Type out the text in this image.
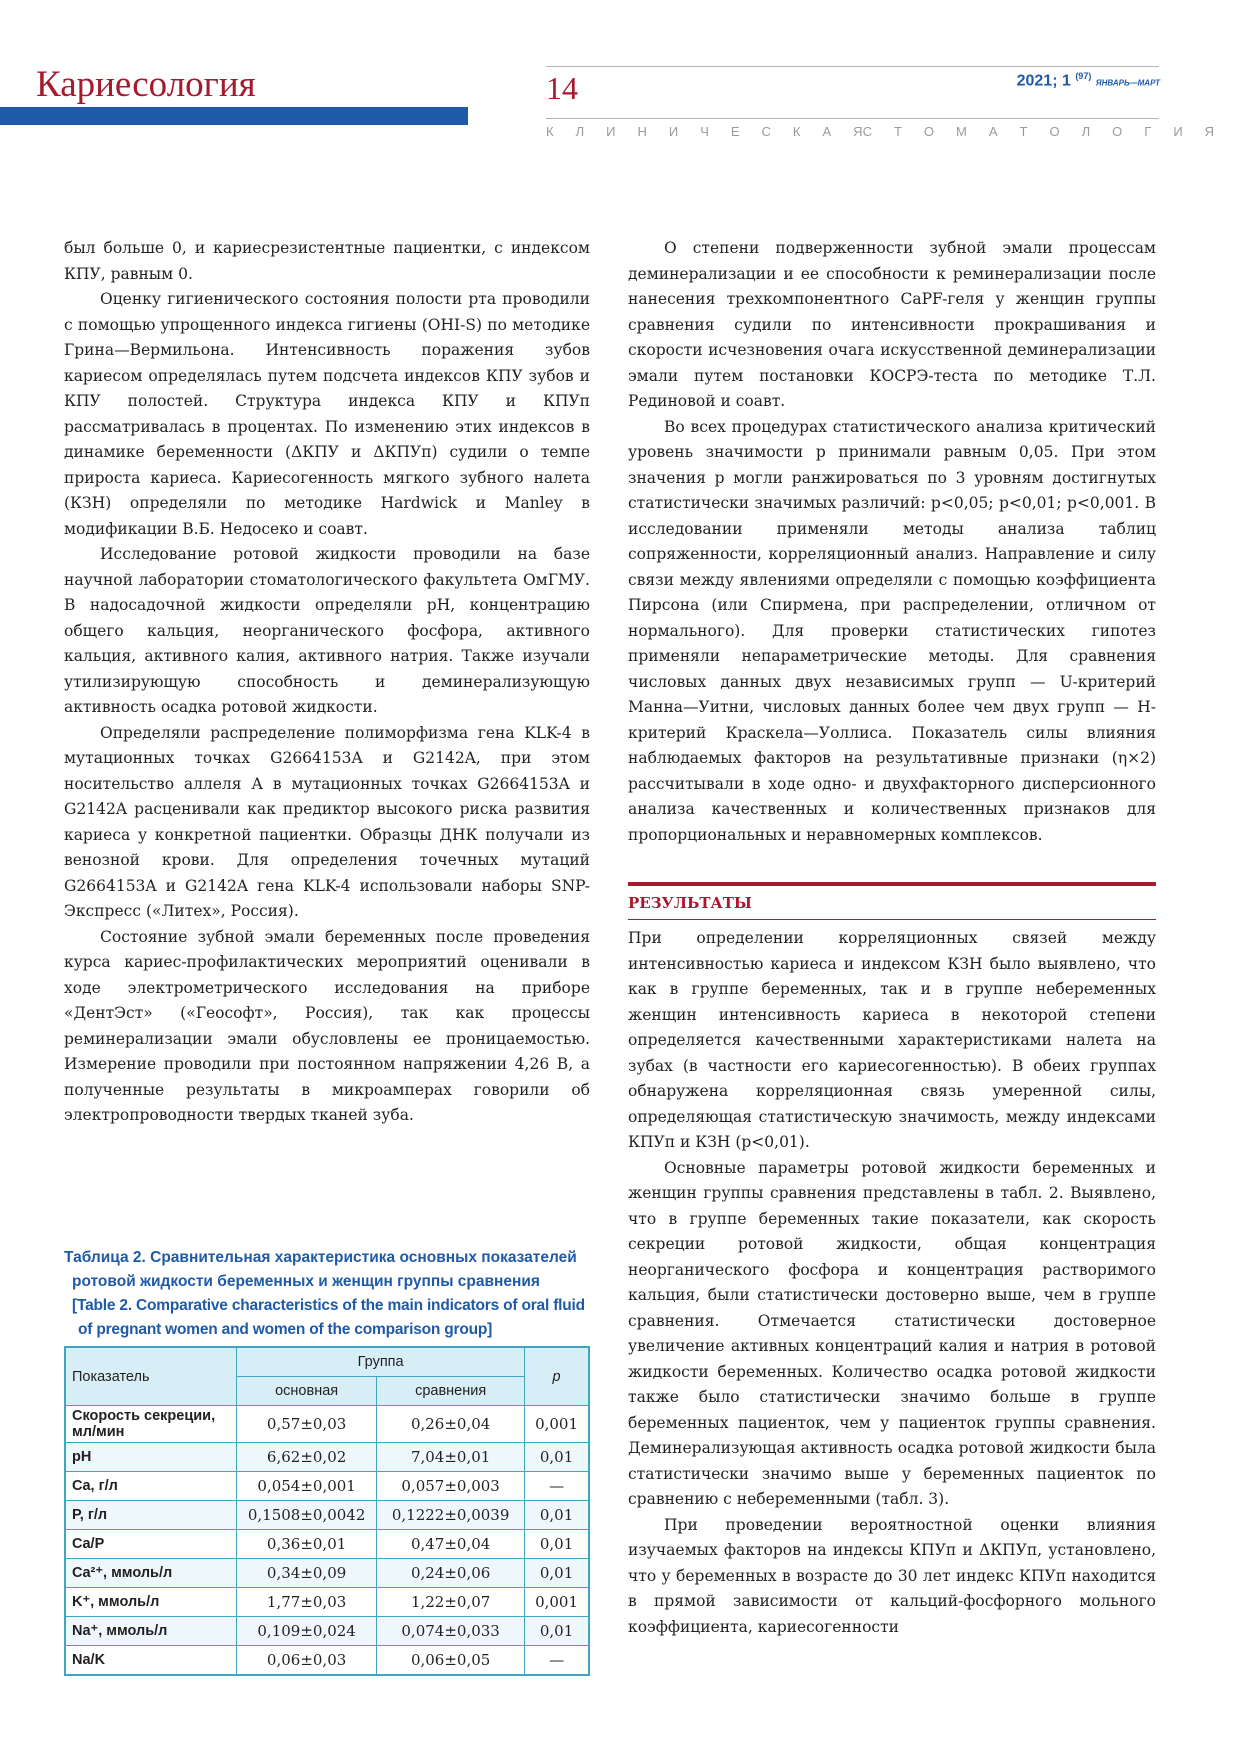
Кариесология	14	2021; 1 $^{(97)}$ ЯНВАРЬ—МАРТ
К Л И Н И Ч Е С К А Я С Т О М А Т О Л О Г И Я

был больше 0, и кариесрезистентные пациентки, с индексом КПУ, равным 0.

Оценку гигиенического состояния полости рта проводили с помощью упрощенного индекса гигиены (OHI-S) по методике Грина—Вермильона. Интенсивность поражения зубов кариесом определялась путем подсчета индексов КПУ зубов и КПУ полостей. Структура индекса КПУ и КПУп рассматривалась в процентах. По изменению этих индексов в динамике беременности (ΔКПУ и ΔКПУп) судили о темпе прироста кариеса. Кариесогенность мягкого зубного налета (КЗН) определяли по методике Hardwick и Manley в модификации В.Б. Недосеко и соавт.

Исследование ротовой жидкости проводили на базе научной лаборатории стоматологического факультета ОмГМУ. В надосадочной жидкости определяли рН, концентрацию общего кальция, неорганического фосфора, активного кальция, активного калия, активного натрия. Также изучали утилизирующую способность и деминерализующую активность осадка ротовой жидкости.

Определяли распределение полиморфизма гена KLK-4 в мутационных точках G2664153A и G2142A, при этом носительство аллеля А в мутационных точках G2664153A и G2142A расценивали как предиктор высокого риска развития кариеса у конкретной пациентки. Образцы ДНК получали из венозной крови. Для определения точечных мутаций G2664153A и G2142A гена KLK-4 использовали наборы SNP-Экспресс («Литех», Россия).

Состояние зубной эмали беременных после проведения курса кариес-профилактических мероприятий оценивали в ходе электрометрического исследования на приборе «ДентЭст» («Геософт», Россия), так как процессы реминерализации эмали обусловлены ее проницаемостью. Измерение проводили при постоянном напряжении 4,26 В, а полученные результаты в микроамперах говорили об электропроводности твердых тканей зуба.

Таблица 2. Сравнительная характеристика основных показателей
ротовой жидкости беременных и женщин группы сравнения
[Table 2. Comparative characteristics of the main indicators of oral fluid
of pregnant women and women of the comparison group]
Показатель	Группа		p
	основная	сравнения	
Скорость секреции, мл/мин	0,57±0,03	0,26±0,04	0,001
pH	6,62±0,02	7,04±0,01	0,01
Ca, г/л	0,054±0,001	0,057±0,003	—
P, г/л	0,1508±0,0042	0,1222±0,0039	0,01
Ca/P	0,36±0,01	0,47±0,04	0,01
Ca²⁺, ммоль/л	0,34±0,09	0,24±0,06	0,01
K⁺, ммоль/л	1,77±0,03	1,22±0,07	0,001
Na⁺, ммоль/л	0,109±0,024	0,074±0,033	0,01
Na/K	0,06±0,03	0,06±0,05	—

О степени подверженности зубной эмали процессам деминерализации и ее способности к реминерализации после нанесения трехкомпонентного CaPF-геля у женщин группы сравнения судили по интенсивности прокрашивания и скорости исчезновения очага искусственной деминерализации эмали путем постановки КОСРЭ-теста по методике Т.Л. Рединовой и соавт.

Во всех процедурах статистического анализа критический уровень значимости p принимали равным 0,05. При этом значения p могли ранжироваться по 3 уровням достигнутых статистически значимых различий: p<0,05; p<0,01; p<0,001. В исследовании применяли методы анализа таблиц сопряженности, корреляционный анализ. Направление и силу связи между явлениями определяли с помощью коэффициента Пирсона (или Спирмена, при распределении, отличном от нормального). Для проверки статистических гипотез применяли непараметрические методы. Для сравнения числовых данных двух независимых групп — U-критерий Манна—Уитни, числовых данных более чем двух групп — H-критерий Краскела—Уоллиса. Показатель силы влияния наблюдаемых факторов на результативные признаки (η×2) рассчитывали в ходе одно- и двухфакторного дисперсионного анализа качественных и количественных признаков для пропорциональных и неравномерных комплексов.

РЕЗУЛЬТАТЫ

При определении корреляционных связей между интенсивностью кариеса и индексом КЗН было выявлено, что как в группе беременных, так и в группе небеременных женщин интенсивность кариеса в некоторой степени определяется качественными характеристиками налета на зубах (в частности его кариесогенностью). В обеих группах обнаружена корреляционная связь умеренной силы, определяющая статистическую значимость, между индексами КПУп и КЗН (p<0,01).

Основные параметры ротовой жидкости беременных и женщин группы сравнения представлены в табл. 2. Выявлено, что в группе беременных такие показатели, как скорость секреции ротовой жидкости, общая концентрация неорганического фосфора и концентрация растворимого кальция, были статистически достоверно выше, чем в группе сравнения. Отмечается статистически достоверное увеличение активных концентраций калия и натрия в ротовой жидкости беременных. Количество осадка ротовой жидкости также было статистически значимо больше в группе беременных пациенток, чем у пациенток группы сравнения. Деминерализующая активность осадка ротовой жидкости была статистически значимо выше у беременных пациенток по сравнению с небеременными (табл. 3).

При проведении вероятностной оценки влияния изучаемых факторов на индексы КПУп и ΔКПУп, установлено, что у беременных в возрасте до 30 лет индекс КПУп находится в прямой зависимости от кальций-фосфорного мольного коэффициента, кариесогенности
